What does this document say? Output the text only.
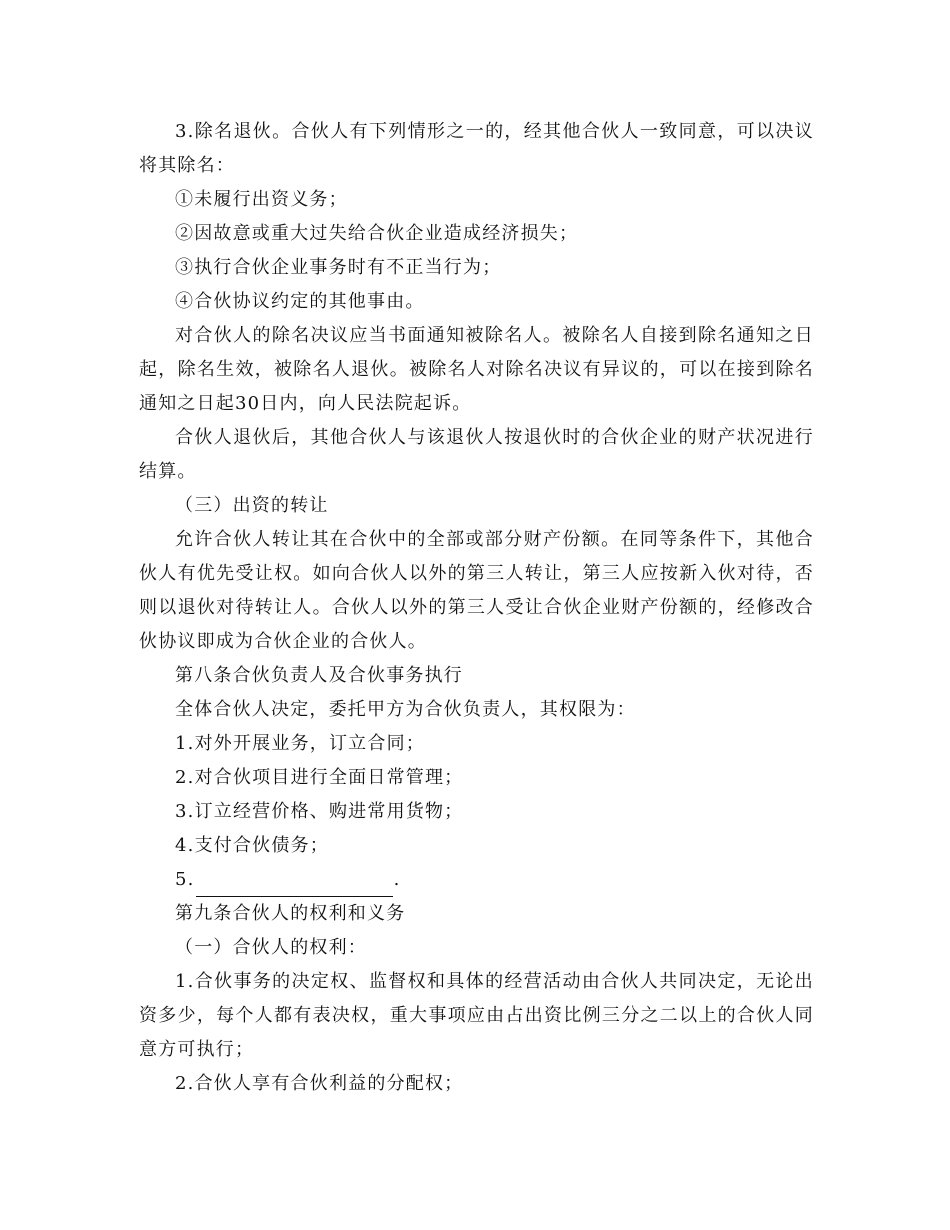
3.除名退伙。合伙人有下列情形之一的，经其他合伙人一致同意，可以决议将其除名：

①未履行出资义务；

②因故意或重大过失给合伙企业造成经济损失；

③执行合伙企业事务时有不正当行为；

④合伙协议约定的其他事由。

对合伙人的除名决议应当书面通知被除名人。被除名人自接到除名通知之日起，除名生效，被除名人退伙。被除名人对除名决议有异议的，可以在接到除名通知之日起30日内，向人民法院起诉。

合伙人退伙后，其他合伙人与该退伙人按退伙时的合伙企业的财产状况进行结算。

（三）出资的转让

允许合伙人转让其在合伙中的全部或部分财产份额。在同等条件下，其他合伙人有优先受让权。如向合伙人以外的第三人转让，第三人应按新入伙对待，否则以退伙对待转让人。合伙人以外的第三人受让合伙企业财产份额的，经修改合伙协议即成为合伙企业的合伙人。

第八条合伙负责人及合伙事务执行

全体合伙人决定，委托甲方为合伙负责人，其权限为：

1.对外开展业务，订立合同；

2.对合伙项目进行全面日常管理；

3.订立经营价格、购进常用货物；

4.支付合伙债务；

5.	.

第九条合伙人的权利和义务

（一）合伙人的权利：

1.合伙事务的决定权、监督权和具体的经营活动由合伙人共同决定，无论出资多少，每个人都有表决权，重大事项应由占出资比例三分之二以上的合伙人同意方可执行；

2.合伙人享有合伙利益的分配权；
